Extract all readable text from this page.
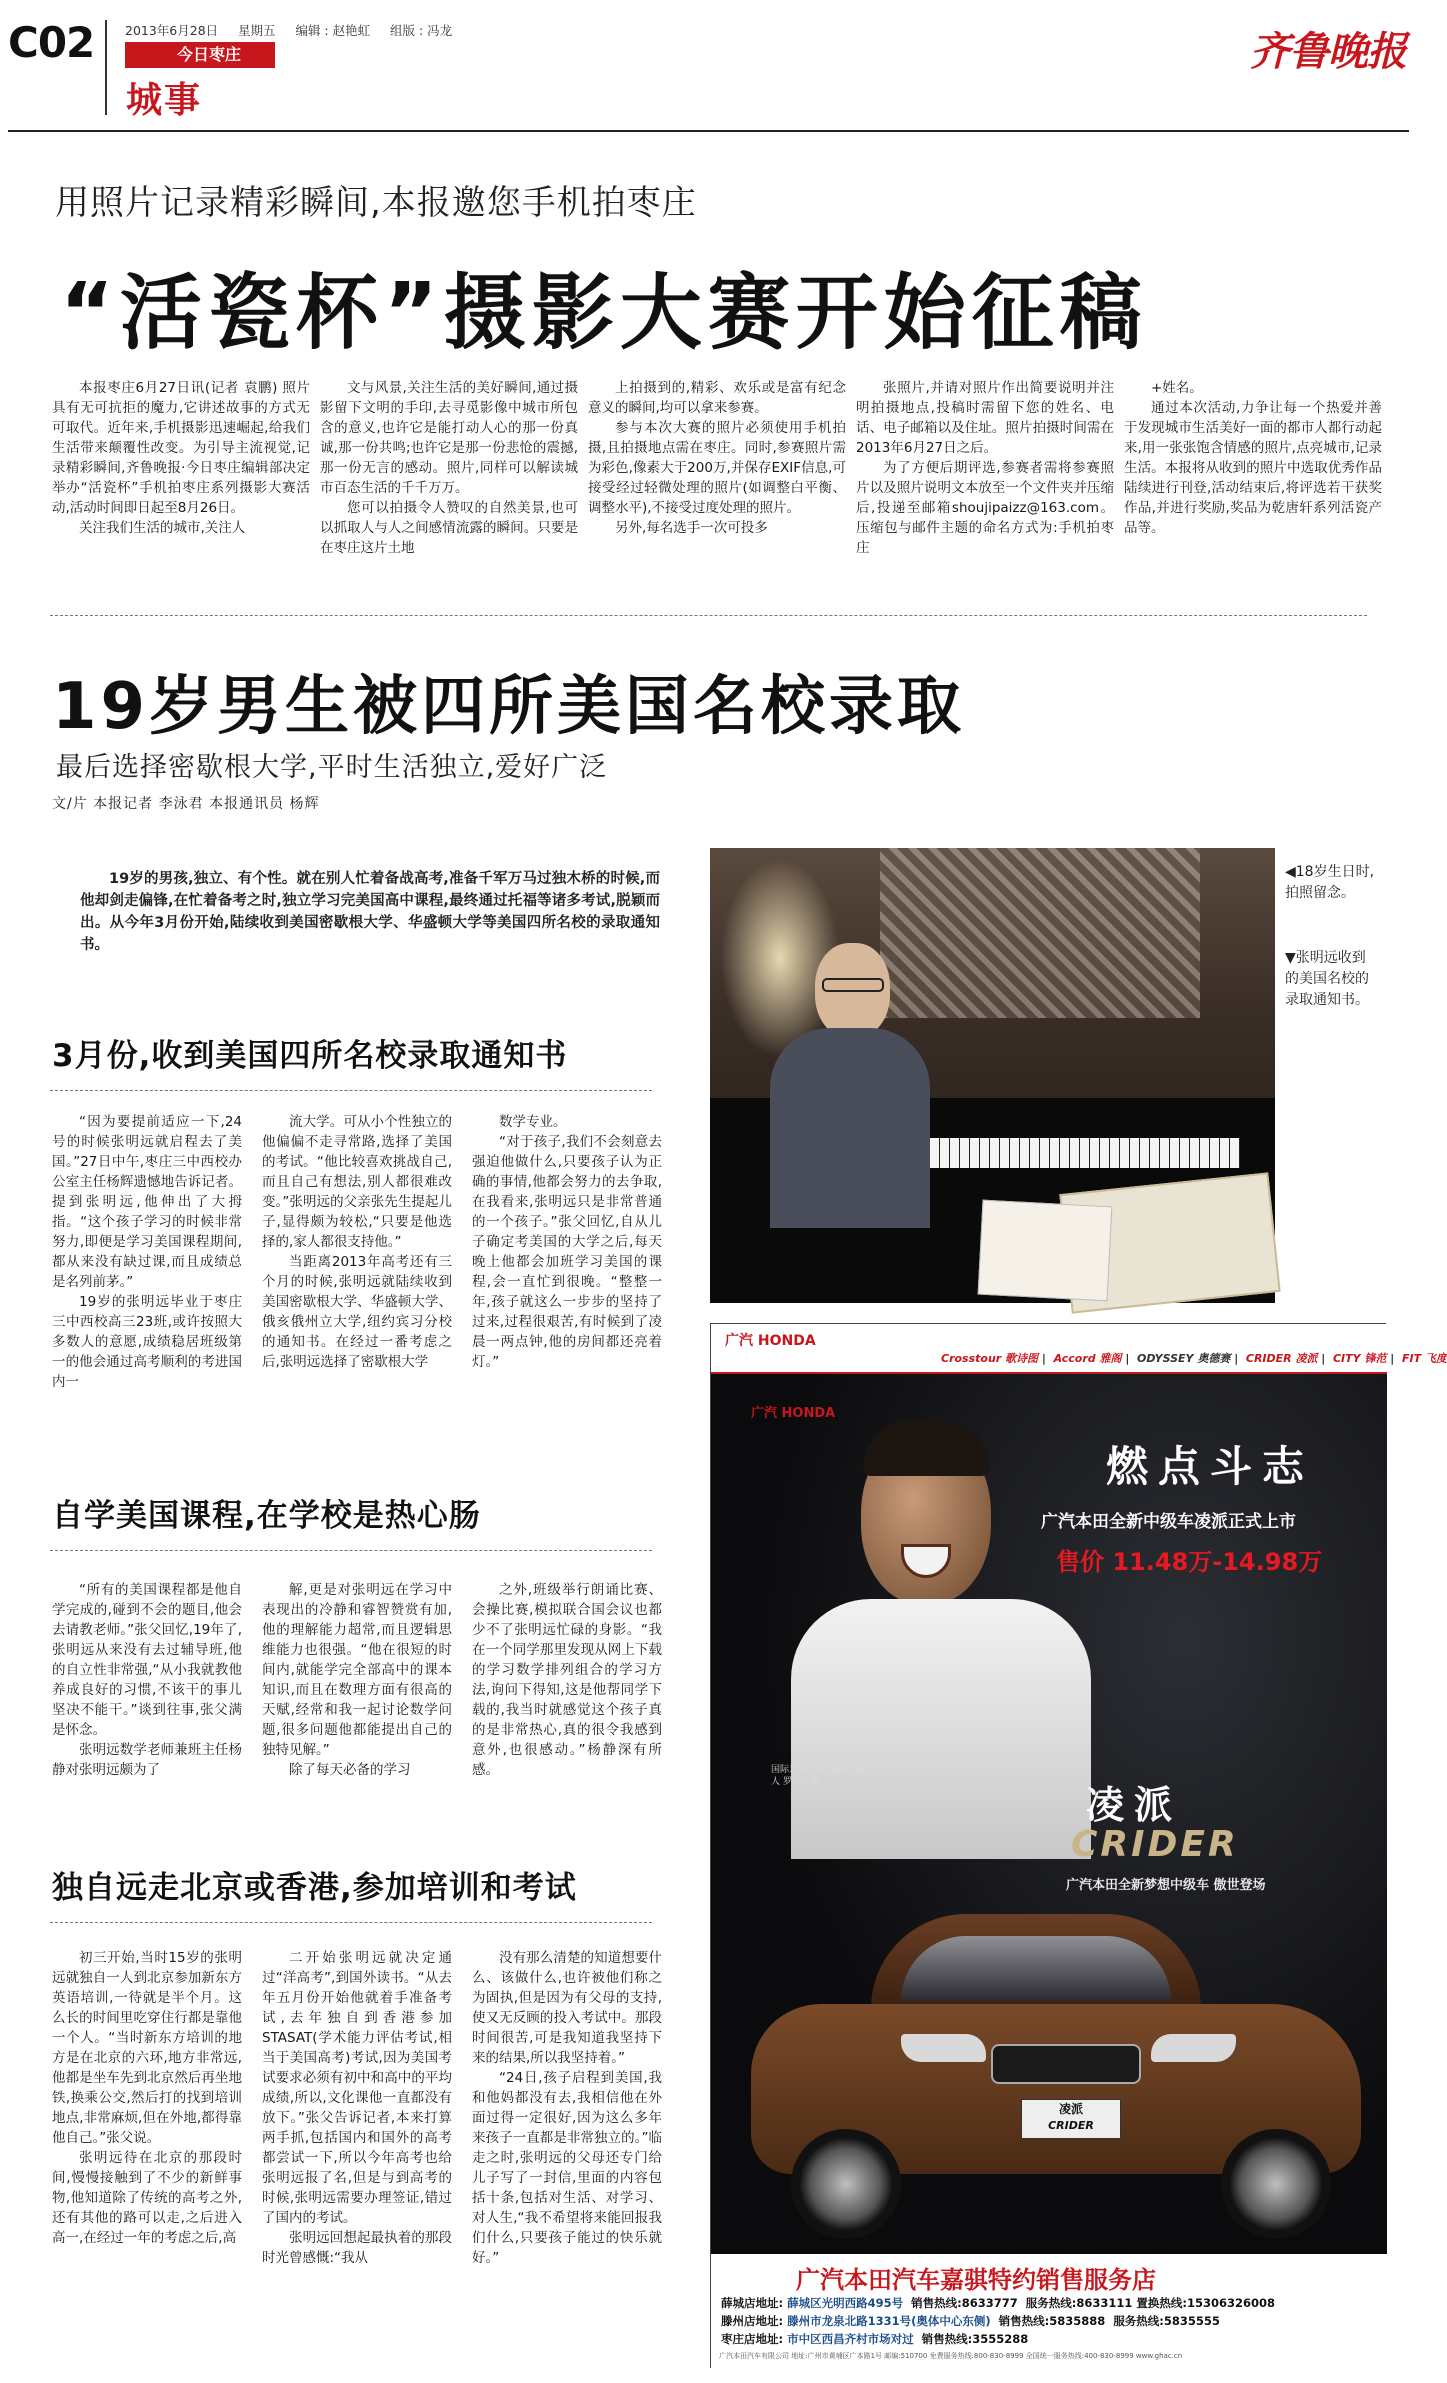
C02 2013年6月28日 星期五 编辑 : 赵艳虹 组版 : 冯龙
今日枣庄
城事
齐鲁晚报
用照片记录精彩瞬间,本报邀您手机拍枣庄
“活瓷杯”摄影大赛开始征稿

本报枣庄6月27日讯(记者 袁鹏) 照片具有无可抗拒的魔力,它讲述故事的方式无可取代。近年来,手机摄影迅速崛起,给我们生活带来颠覆性改变。为引导主流视觉,记录精彩瞬间,齐鲁晚报·今日枣庄编辑部决定举办“活瓷杯”手机拍枣庄系列摄影大赛活动,活动时间即日起至8月26日。

关注我们生活的城市,关注人

文与风景,关注生活的美好瞬间,通过摄影留下文明的手印,去寻觅影像中城市所包含的意义,也许它是能打动人心的那一份真诚,那一份共鸣;也许它是那一份悲怆的震撼,那一份无言的感动。照片,同样可以解读城市百态生活的千千万万。

您可以拍摄令人赞叹的自然美景,也可以抓取人与人之间感情流露的瞬间。只要是在枣庄这片土地

上拍摄到的,精彩、欢乐或是富有纪念意义的瞬间,均可以拿来参赛。

参与本次大赛的照片必须使用手机拍摄,且拍摄地点需在枣庄。同时,参赛照片需为彩色,像素大于200万,并保存EXIF信息,可接受经过轻微处理的照片(如调整白平衡、调整水平),不接受过度处理的照片。

另外,每名选手一次可投多

张照片,并请对照片作出简要说明并注明拍摄地点,投稿时需留下您的姓名、电话、电子邮箱以及住址。照片拍摄时间需在2013年6月27日之后。

为了方便后期评选,参赛者需将参赛照片以及照片说明文本放至一个文件夹并压缩后,投递至邮箱shoujipaizz@163.com。压缩包与邮件主题的命名方式为:手机拍枣庄

+姓名。

通过本次活动,力争让每一个热爱并善于发现城市生活美好一面的都市人都行动起来,用一张张饱含情感的照片,点亮城市,记录生活。本报将从收到的照片中选取优秀作品陆续进行刊登,活动结束后,将评选若干获奖作品,并进行奖励,奖品为乾唐轩系列活瓷产品等。

19岁男生被四所美国名校录取
最后选择密歇根大学,平时生活独立,爱好广泛
文/片 本报记者 李泳君 本报通讯员 杨辉

19岁的男孩,独立、有个性。就在别人忙着备战高考,准备千军万马过独木桥的时候,而他却剑走偏锋,在忙着备考之时,独立学习完美国高中课程,最终通过托福等诸多考试,脱颖而出。从今年3月份开始,陆续收到美国密歇根大学、华盛顿大学等美国四所名校的录取通知书。

◀18岁生日时,拍照留念。
▼张明远收到的美国名校的录取通知书。
3月份,收到美国四所名校录取通知书

“因为要提前适应一下,24号的时候张明远就启程去了美国。”27日中午,枣庄三中西校办公室主任杨辉遗憾地告诉记者。提到张明远,他伸出了大拇指。“这个孩子学习的时候非常努力,即便是学习美国课程期间,都从来没有缺过课,而且成绩总是名列前茅。”

19岁的张明远毕业于枣庄三中西校高三23班,或许按照大多数人的意愿,成绩稳居班级第一的他会通过高考顺利的考进国内一

流大学。可从小个性独立的他偏偏不走寻常路,选择了美国的考试。“他比较喜欢挑战自己,而且自己有想法,别人都很难改变。”张明远的父亲张先生提起儿子,显得颇为较松,“只要是他选择的,家人都很支持他。”

当距离2013年高考还有三个月的时候,张明远就陆续收到美国密歇根大学、华盛顿大学、俄亥俄州立大学,纽约宾习分校的通知书。在经过一番考虑之后,张明远选择了密歇根大学

数学专业。

“对于孩子,我们不会刻意去强迫他做什么,只要孩子认为正确的事情,他都会努力的去争取,在我看来,张明远只是非常普通的一个孩子。”张父回忆,自从儿子确定考美国的大学之后,每天晚上他都会加班学习美国的课程,会一直忙到很晚。“整整一年,孩子就这么一步步的坚持了过来,过程很艰苦,有时候到了凌晨一两点钟,他的房间都还亮着灯。”

自学美国课程,在学校是热心肠

“所有的美国课程都是他自学完成的,碰到不会的题目,他会去请教老师。”张父回忆,19年了,张明远从来没有去过辅导班,他的自立性非常强,“从小我就教他养成良好的习惯,不该干的事儿坚决不能干。”谈到往事,张父满是怀念。

张明远数学老师兼班主任杨静对张明远颇为了

解,更是对张明远在学习中表现出的冷静和睿智赞赏有加,他的理解能力超常,而且逻辑思维能力也很强。“他在很短的时间内,就能学完全部高中的课本知识,而且在数理方面有很高的天赋,经常和我一起讨论数学问题,很多问题他都能提出自己的独特见解。”

除了每天必备的学习

之外,班级举行朗诵比赛、会操比赛,模拟联合国会议也都少不了张明远忙碌的身影。“我在一个同学那里发现从网上下载的学习数学排列组合的学习方法,询问下得知,这是他帮同学下载的,我当时就感觉这个孩子真的是非常热心,真的很令我感到意外,也很感动。”杨静深有所感。

独自远走北京或香港,参加培训和考试

初三开始,当时15岁的张明远就独自一人到北京参加新东方英语培训,一待就是半个月。这么长的时间里吃穿住行都是靠他一个人。“当时新东方培训的地方是在北京的六环,地方非常远,他都是坐车先到北京然后再坐地铁,换乘公交,然后打的找到培训地点,非常麻烦,但在外地,都得靠他自己。”张父说。

张明远待在北京的那段时间,慢慢接触到了不少的新鲜事物,他知道除了传统的高考之外,还有其他的路可以走,之后进入高一,在经过一年的考虑之后,高

二开始张明远就决定通过“洋高考”,到国外读书。“从去年五月份开始他就着手准备考试,去年独自到香港参加STASAT(学术能力评估考试,相当于美国高考)考试,因为美国考试要求必须有初中和高中的平均成绩,所以,文化课他一直都没有放下。”张父告诉记者,本来打算两手抓,包括国内和国外的高考都尝试一下,所以今年高考也给张明远报了名,但是与到高考的时候,张明远需要办理签证,错过了国内的考试。

张明远回想起最执着的那段时光曾感慨:“我从

没有那么清楚的知道想要什么、该做什么,也许被他们称之为固执,但是因为有父母的支持,使又无反顾的投入考试中。那段时间很苦,可是我知道我坚持下来的结果,所以我坚持着。”

“24日,孩子启程到美国,我和他妈都没有去,我相信他在外面过得一定很好,因为这么多年来孩子一直都是非常独立的。”临走之时,张明远的父母还专门给儿子写了一封信,里面的内容包括十条,包括对生活、对学习、对人生,“我不希望将来能回报我们什么,只要孩子能过的快乐就好。”

广汽 HONDA
Crosstour 歌诗图 |  Accord 雅阁 |  ODYSSEY 奥德赛 |  CRIDER 凌派 |  CITY 锋范 |  FIT 飞度
广汽 HONDA
燃点斗志
广汽本田全新中级车凌派正式上市
售价 11.48万-14.98万
国际足球巨星 凌派形象代言人 罗纳尔多
凌派
CRIDER
广汽本田全新梦想中级车 傲世登场
凌派
CRIDER
广汽本田汽车嘉骐特约销售服务店
薛城店地址: 薛城区光明西路495号 销售热线:8633777 服务热线:8633111 置换热线:15306326008
滕州店地址: 滕州市龙泉北路1331号(奥体中心东侧) 销售热线:5835888 服务热线:5835555
枣庄店地址: 市中区西昌齐村市场对过 销售热线:3555288
广汽本田汽车有限公司 地址:广州市黄埔区广本路1号 邮编:510700 免费服务热线:800-830-8999 全国统一服务热线:400-830-8999 www.ghac.cn
